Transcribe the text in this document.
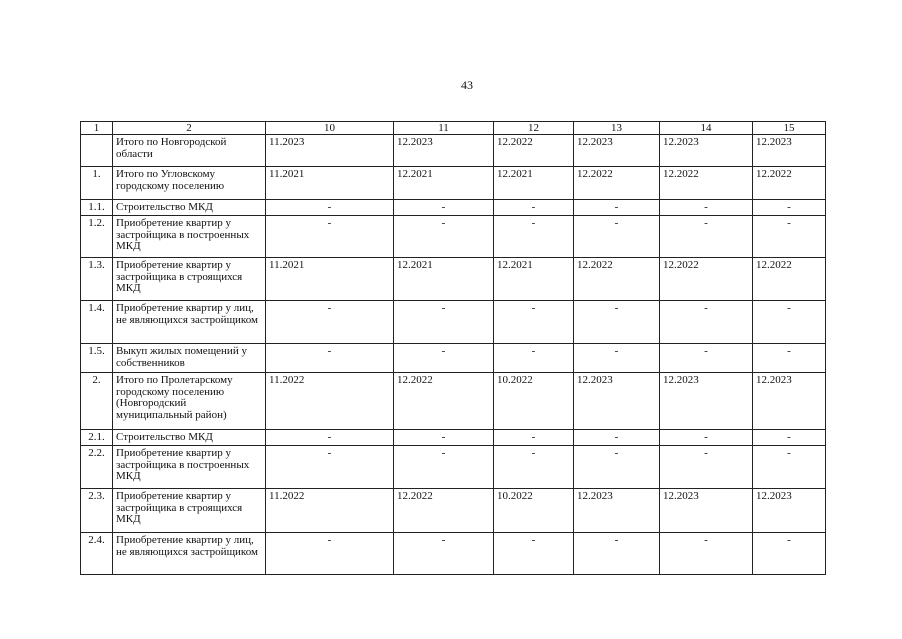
43
1	2	10	11	12	13	14	15
	Итого по Новгородской области	11.2023	12.2023	12.2022	12.2023	12.2023	12.2023
1.	Итого по Угловскому городскому поселению	11.2021	12.2021	12.2021	12.2022	12.2022	12.2022
1.1.	Строительство МКД	-	-	-	-	-	-
1.2.	Приобретение квартир у застройщика в построенных МКД	-	-	-	-	-	-
1.3.	Приобретение квартир у застройщика в строящихся МКД	11.2021	12.2021	12.2021	12.2022	12.2022	12.2022
1.4.	Приобретение квартир у лиц, не являющихся застройщиком	-	-	-	-	-	-
1.5.	Выкуп жилых помещений у собственников	-	-	-	-	-	-
2.	Итого по Пролетарскому городскому поселению (Новгородский муниципальный район)	11.2022	12.2022	10.2022	12.2023	12.2023	12.2023
2.1.	Строительство МКД	-	-	-	-	-	-
2.2.	Приобретение квартир у застройщика в построенных МКД	-	-	-	-	-	-
2.3.	Приобретение квартир у застройщика в строящихся МКД	11.2022	12.2022	10.2022	12.2023	12.2023	12.2023
2.4.	Приобретение квартир у лиц, не являющихся застройщиком	-	-	-	-	-	-
